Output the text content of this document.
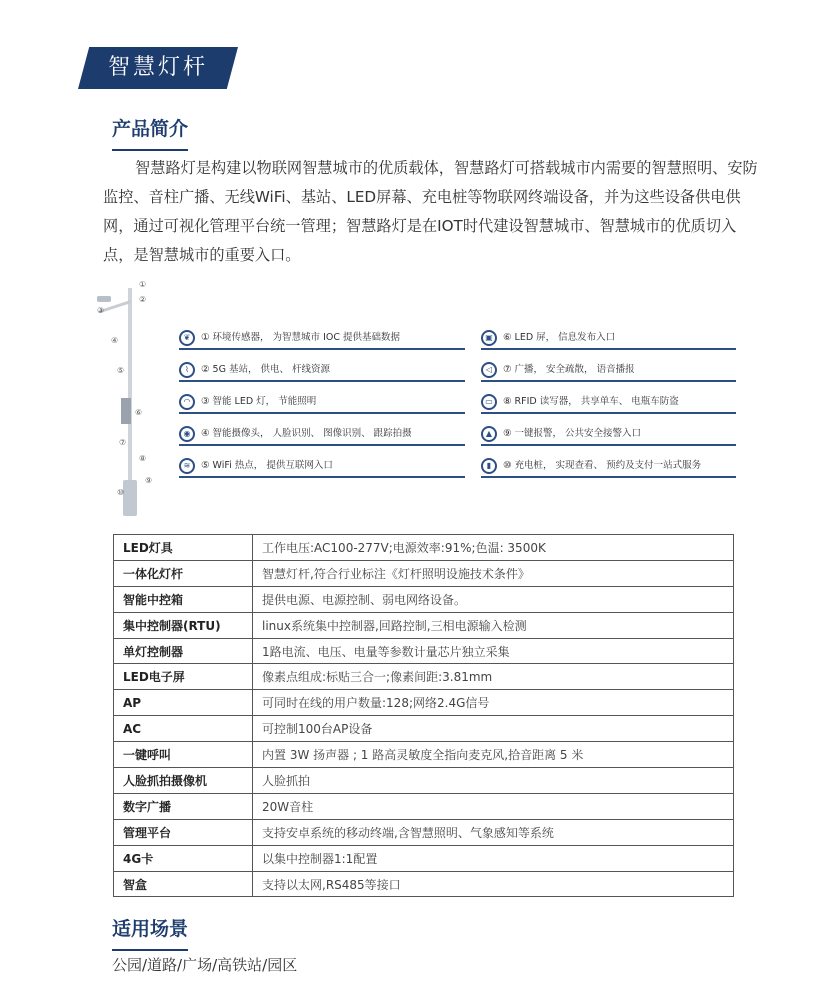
智慧灯杆
产品简介

智慧路灯是构建以物联网智慧城市的优质载体，智慧路灯可搭载城市内需要的智慧照明、安防监控、音柱广播、无线WiFi、基站、LED屏幕、充电桩等物联网终端设备，并为这些设备供电供网，通过可视化管理平台统一管理；智慧路灯是在IOT时代建设智慧城市、智慧城市的优质切入点，是智慧城市的重要入口。

①
②
③
④
⑤
⑥
⑦
⑧
⑨
⑩
❦	① 环境传感器， 为智慧城市 IOC 提供基础数据
⌇	② 5G 基站， 供电、 杆线资源
◠	③ 智能 LED 灯， 节能照明
◉	④ 智能摄像头， 人脸识别、 图像识别、 跟踪拍摄
≋	⑤ WiFi 热点， 提供互联网入口
▣	⑥ LED 屏， 信息发布入口
◁	⑦ 广播， 安全疏散， 语音播报
▭	⑧ RFID 读写器， 共享单车、 电瓶车防盗
▲	⑨ 一键报警， 公共安全接警入口
▮	⑩ 充电桩， 实现查看、 预约及支付一站式服务
LED灯具	工作电压:AC100-277V;电源效率:91%;色温: 3500K
一体化灯杆	智慧灯杆,符合行业标注《灯杆照明设施技术条件》
智能中控箱	提供电源、电源控制、弱电网络设备。
集中控制器(RTU)	linux系统集中控制器,回路控制,三相电源输入检测
单灯控制器	1路电流、电压、电量等参数计量芯片独立采集
LED电子屏	像素点组成:标贴三合一;像素间距:3.81mm
AP	可同时在线的用户数量:128;网络2.4G信号
AC	可控制100台AP设备
一键呼叫	内置 3W 扬声器 ; 1 路高灵敏度全指向麦克风,拾音距离 5 米
人脸抓拍摄像机	人脸抓拍
数字广播	20W音柱
管理平台	支持安卓系统的移动终端,含智慧照明、气象感知等系统
4G卡	以集中控制器1:1配置
智盒	支持以太网,RS485等接口
适用场景
公园/道路/广场/高铁站/园区
